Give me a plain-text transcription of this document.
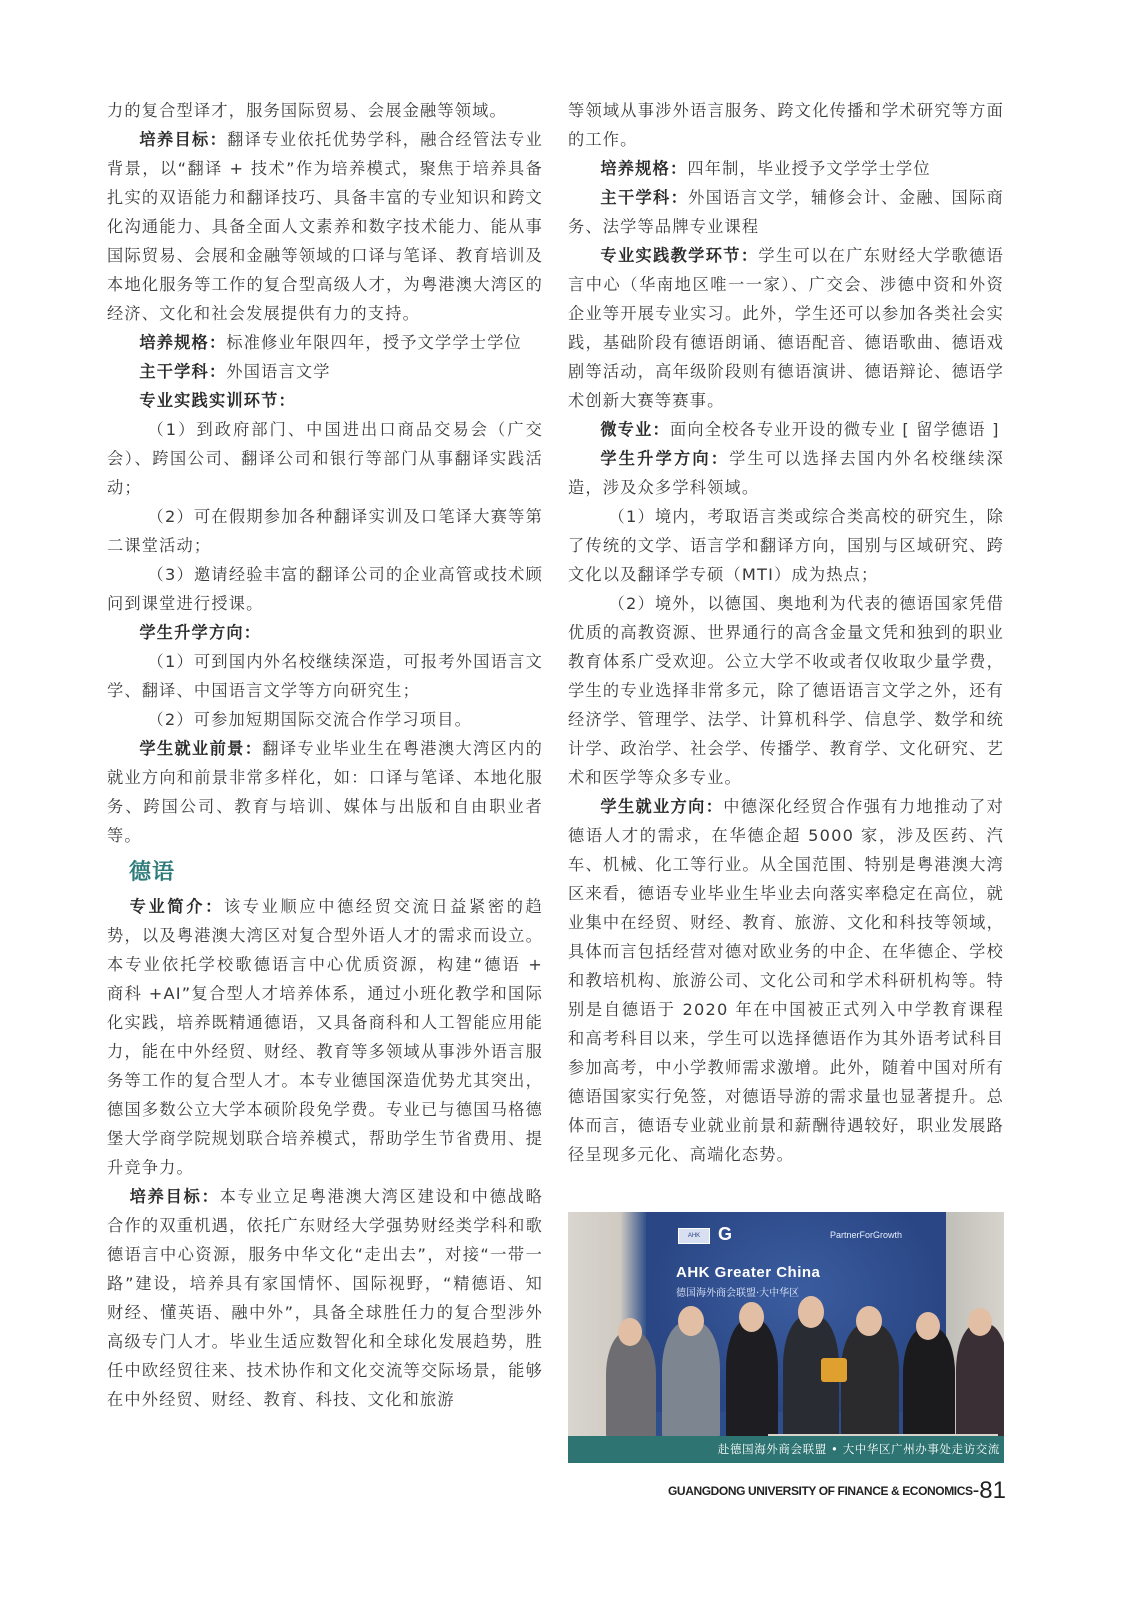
力的复合型译才，服务国际贸易、会展金融等领域。

培养目标：翻译专业依托优势学科，融合经管法专业背景，以“翻译 + 技术”作为培养模式，聚焦于培养具备扎实的双语能力和翻译技巧、具备丰富的专业知识和跨文化沟通能力、具备全面人文素养和数字技术能力、能从事国际贸易、会展和金融等领域的口译与笔译、教育培训及本地化服务等工作的复合型高级人才，为粤港澳大湾区的经济、文化和社会发展提供有力的支持。

培养规格：标准修业年限四年，授予文学学士学位

主干学科：外国语言文学

专业实践实训环节：

（1）到政府部门、中国进出口商品交易会（广交会）、跨国公司、翻译公司和银行等部门从事翻译实践活动；

（2）可在假期参加各种翻译实训及口笔译大赛等第二课堂活动；

（3）邀请经验丰富的翻译公司的企业高管或技术顾问到课堂进行授课。

学生升学方向：

（1）可到国内外名校继续深造，可报考外国语言文学、翻译、中国语言文学等方向研究生；

（2）可参加短期国际交流合作学习项目。

学生就业前景：翻译专业毕业生在粤港澳大湾区内的就业方向和前景非常多样化，如：口译与笔译、本地化服务、跨国公司、教育与培训、媒体与出版和自由职业者等。

德语

专业简介：该专业顺应中德经贸交流日益紧密的趋势，以及粤港澳大湾区对复合型外语人才的需求而设立。本专业依托学校歌德语言中心优质资源，构建“德语 + 商科 +AI”复合型人才培养体系，通过小班化教学和国际化实践，培养既精通德语，又具备商科和人工智能应用能力，能在中外经贸、财经、教育等多领域从事涉外语言服务等工作的复合型人才。本专业德国深造优势尤其突出，德国多数公立大学本硕阶段免学费。专业已与德国马格德堡大学商学院规划联合培养模式，帮助学生节省费用、提升竞争力。

培养目标：本专业立足粤港澳大湾区建设和中德战略合作的双重机遇，依托广东财经大学强势财经类学科和歌德语言中心资源，服务中华文化“走出去”，对接“一带一路”建设，培养具有家国情怀、国际视野，“精德语、知财经、懂英语、融中外”，具备全球胜任力的复合型涉外高级专门人才。毕业生适应数智化和全球化发展趋势，胜任中欧经贸往来、技术协作和文化交流等交际场景，能够在中外经贸、财经、教育、科技、文化和旅游

等领域从事涉外语言服务、跨文化传播和学术研究等方面的工作。

培养规格：四年制，毕业授予文学学士学位

主干学科：外国语言文学，辅修会计、金融、国际商务、法学等品牌专业课程

专业实践教学环节：学生可以在广东财经大学歌德语言中心（华南地区唯一一家）、广交会、涉德中资和外资企业等开展专业实习。此外，学生还可以参加各类社会实践，基础阶段有德语朗诵、德语配音、德语歌曲、德语戏剧等活动，高年级阶段则有德语演讲、德语辩论、德语学术创新大赛等赛事。

微专业：面向全校各专业开设的微专业 [ 留学德语 ]

学生升学方向：学生可以选择去国内外名校继续深造，涉及众多学科领域。

（1）境内，考取语言类或综合类高校的研究生，除了传统的文学、语言学和翻译方向，国别与区域研究、跨文化以及翻译学专硕（MTI）成为热点；

（2）境外，以德国、奥地利为代表的德语国家凭借优质的高教资源、世界通行的高含金量文凭和独到的职业教育体系广受欢迎。公立大学不收或者仅收取少量学费，学生的专业选择非常多元，除了德语语言文学之外，还有经济学、管理学、法学、计算机科学、信息学、数学和统计学、政治学、社会学、传播学、教育学、文化研究、艺术和医学等众多专业。

学生就业方向：中德深化经贸合作强有力地推动了对德语人才的需求，在华德企超 5000 家，涉及医药、汽车、机械、化工等行业。从全国范围、特别是粤港澳大湾区来看，德语专业毕业生毕业去向落实率稳定在高位，就业集中在经贸、财经、教育、旅游、文化和科技等领域，具体而言包括经营对德对欧业务的中企、在华德企、学校和教培机构、旅游公司、文化公司和学术科研机构等。特别是自德语于 2020 年在中国被正式列入中学教育课程和高考科目以来，学生可以选择德语作为其外语考试科目参加高考，中小学教师需求激增。此外，随着中国对所有德语国家实行免签，对德语导游的需求量也显著提升。总体而言，德语专业就业前景和薪酬待遇较好，职业发展路径呈现多元化、高端化态势。

AHK G	PartnerForGrowth
AHK Greater China
德国海外商会联盟·大中华区
赴德国海外商会联盟 • 大中华区广州办事处走访交流
GUANGDONG UNIVERSITY OF FINANCE & ECONOMICS-81
